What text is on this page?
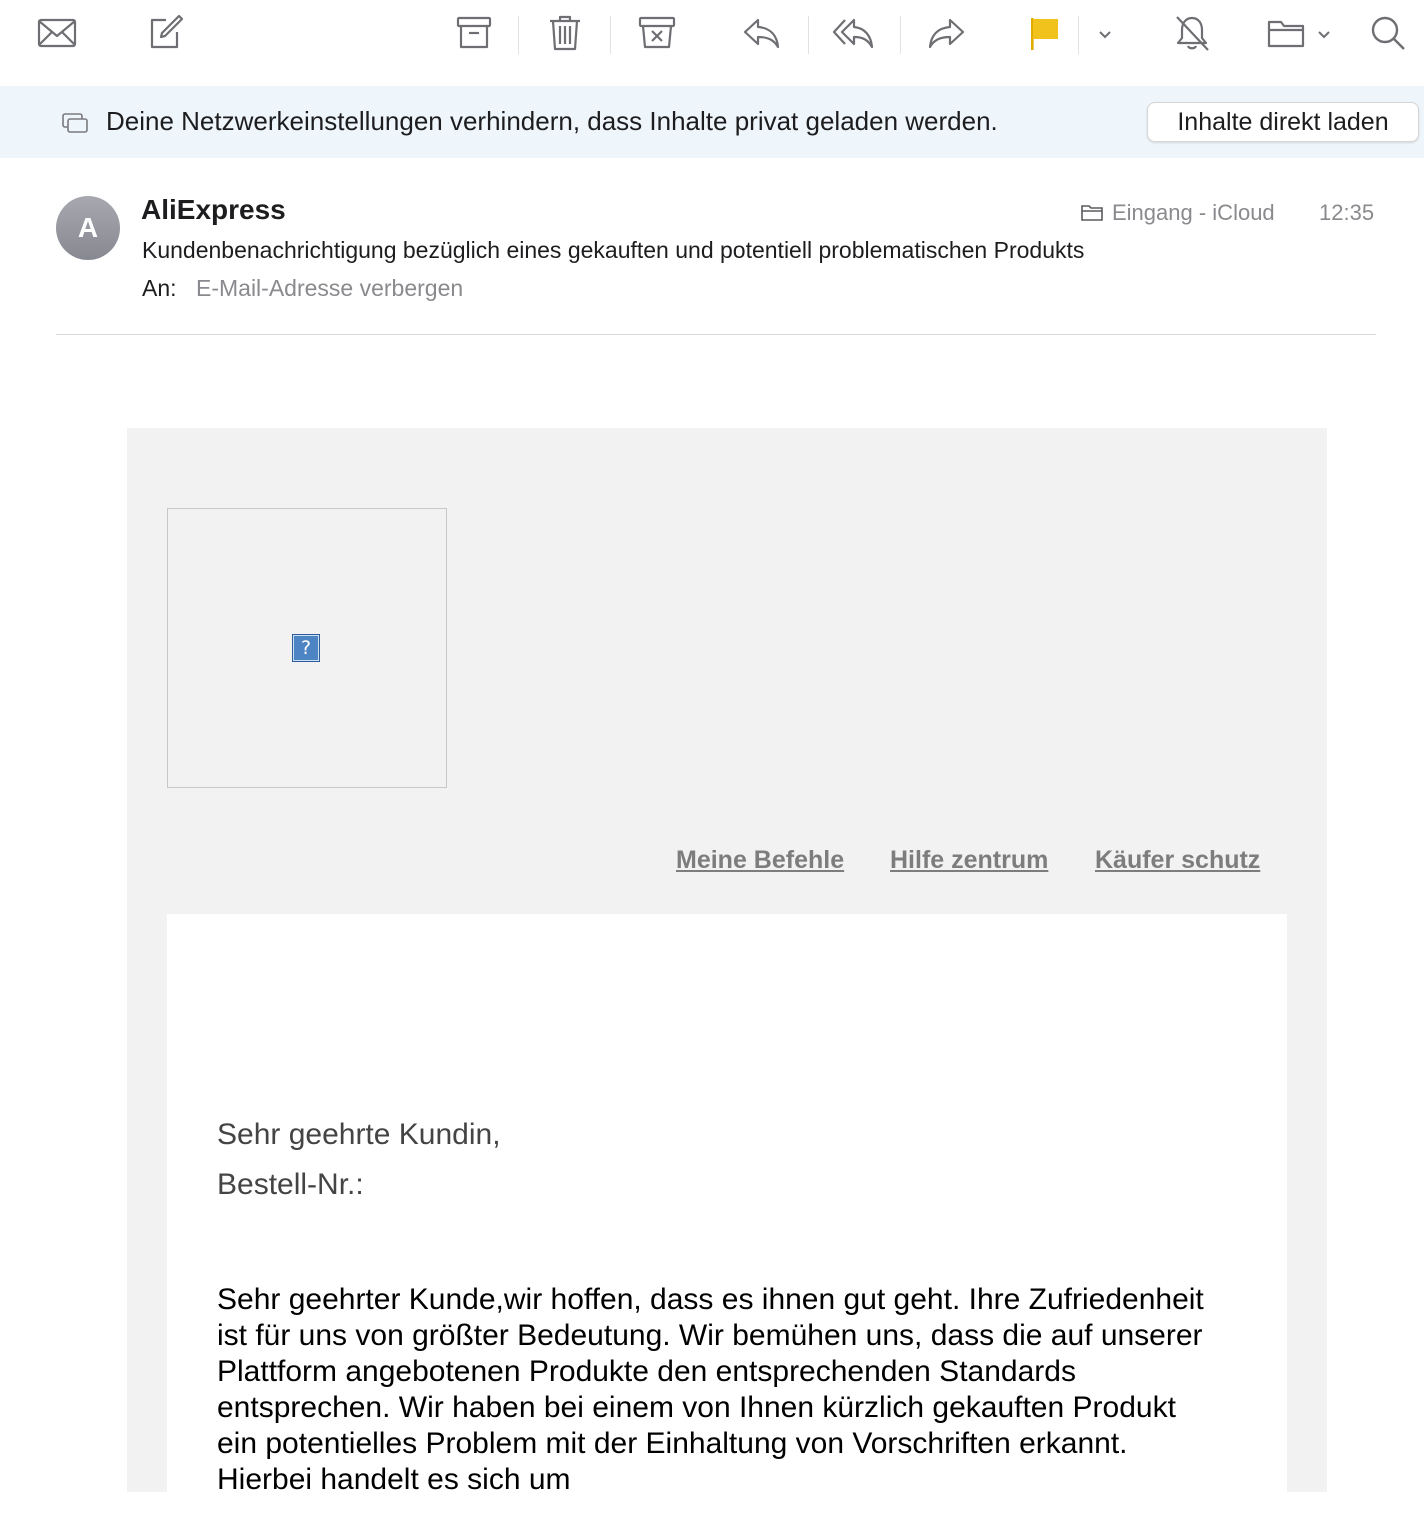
Deine Netzwerkeinstellungen verhindern, dass Inhalte privat geladen werden.	Inhalte direkt laden
A
AliExpress	Eingang - iCloud 12:35
Kundenbenachrichtigung bezüglich eines gekauften und potentiell problematischen Produkts
An: E-Mail-Adresse verbergen
?
Meine Befehle Hilfe zentrum Käufer schutz
Sehr geehrte Kundin,
Bestell-Nr.:
Sehr geehrter Kunde,wir hoffen, dass es ihnen gut geht. Ihre Zufriedenheit ist für uns von größter Bedeutung. Wir bemühen uns, dass die auf unserer Plattform angebotenen Produkte den entsprechenden Standards entsprechen. Wir haben bei einem von Ihnen kürzlich gekauften Produkt ein potentielles Problem mit der Einhaltung von Vorschriften erkannt. Hierbei handelt es sich um
